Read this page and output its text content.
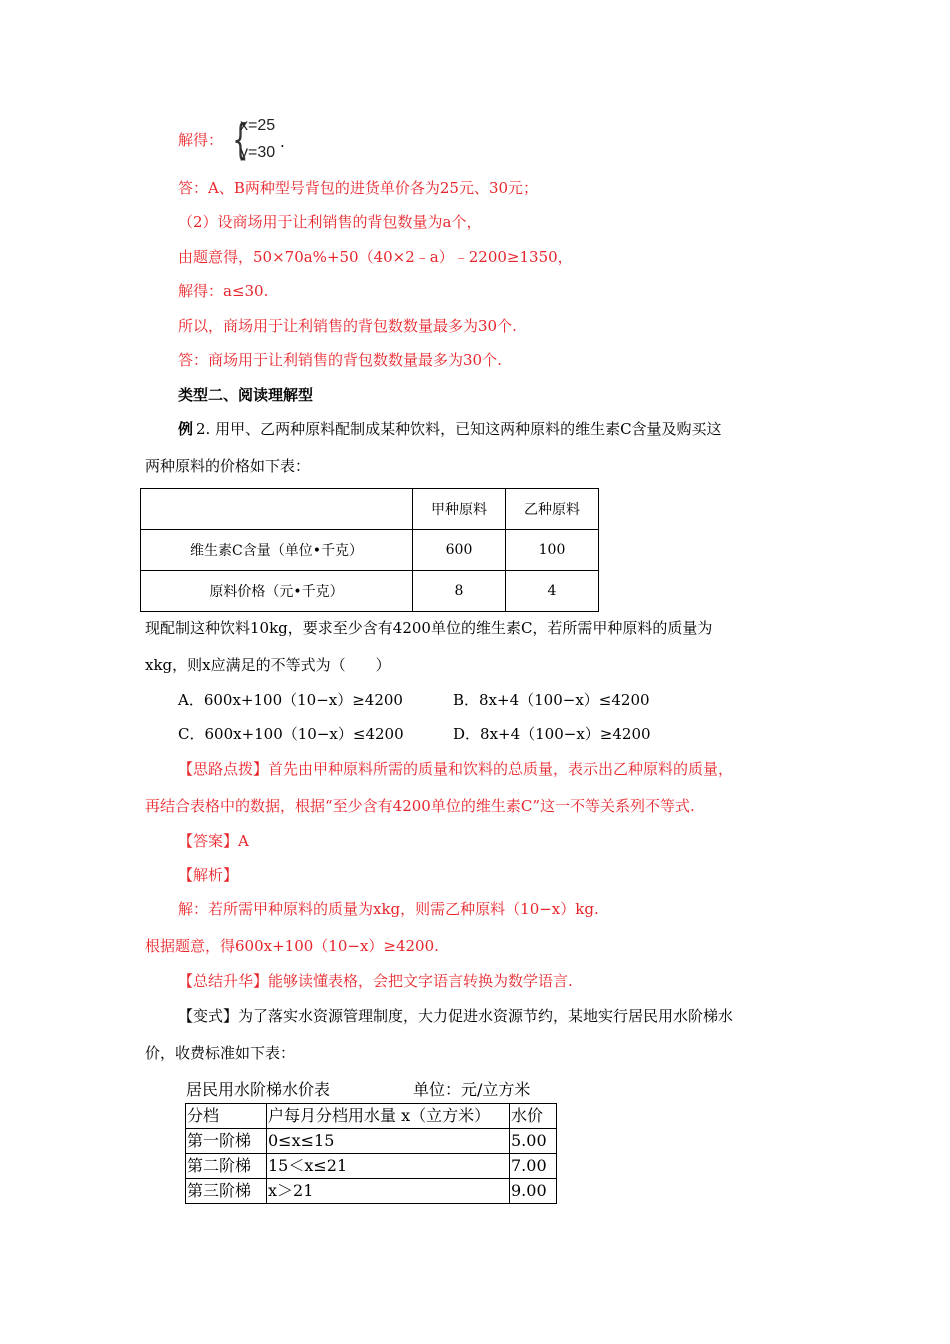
解得： {
x=25
y=30
.
答：A、B两种型号背包的进货单价各为25元、30元；
（2）设商场用于让利销售的背包数量为a个，
由题意得，50×70a%+50（40×2﹣a）﹣2200≥1350，
解得：a≤30.
所以，商场用于让利销售的背包数数量最多为30个.
答：商场用于让利销售的背包数数量最多为30个.
类型二、阅读理解型
例 2. 用甲、乙两种原料配制成某种饮料，已知这两种原料的维生素C含量及购买这
两种原料的价格如下表：
	甲种原料	乙种原料
维生素C含量（单位•千克）	600	100
原料价格（元•千克）	8	4
现配制这种饮料10kg，要求至少含有4200单位的维生素C，若所需甲种原料的质量为
xkg，则x应满足的不等式为（　　）
A．600x+100（10−x）≥4200	B．8x+4（100−x）≤4200
C．600x+100（10−x）≤4200	D．8x+4（100−x）≥4200
【思路点拨】首先由甲种原料所需的质量和饮料的总质量，表示出乙种原料的质量，
再结合表格中的数据，根据“至少含有4200单位的维生素C”这一不等关系列不等式.
【答案】A
【解析】
解：若所需甲种原料的质量为xkg，则需乙种原料（10−x）kg.
根据题意，得600x+100（10−x）≥4200.
【总结升华】能够读懂表格，会把文字语言转换为数学语言.
【变式】为了落实水资源管理制度，大力促进水资源节约，某地实行居民用水阶梯水
价，收费标准如下表：
居民用水阶梯水价表	单位：元/立方米
分档	户每月分档用水量 x（立方米）	水价
第一阶梯	0≤x≤15	5.00
第二阶梯	15＜x≤21	7.00
第三阶梯	x＞21	9.00
